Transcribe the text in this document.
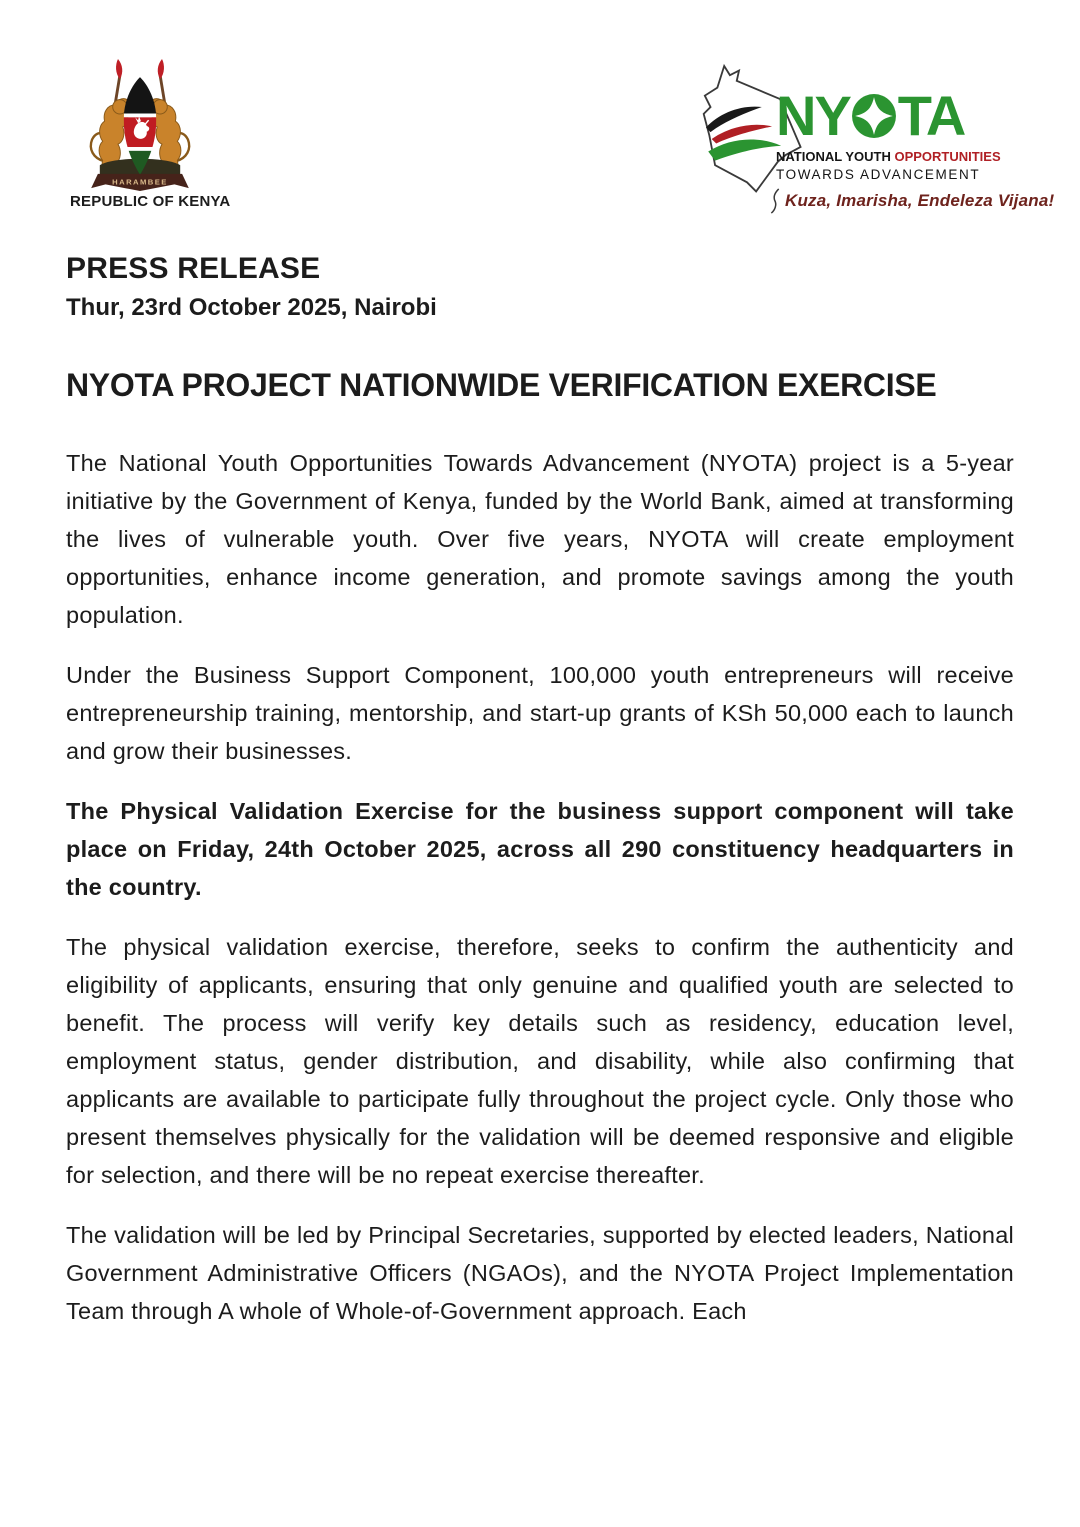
HARAMBEE
REPUBLIC OF KENYA
NY TA
NATIONAL YOUTH OPPORTUNITIES
TOWARDS ADVANCEMENT
Kuza, Imarisha, Endeleza Vijana!
PRESS RELEASE
Thur, 23rd October 2025, Nairobi
NYOTA PROJECT NATIONWIDE VERIFICATION EXERCISE

The National Youth Opportunities Towards Advancement (NYOTA) project is a 5-year initiative by the Government of Kenya, funded by the World Bank, aimed at transforming the lives of vulnerable youth. Over five years, NYOTA will create employment opportunities, enhance income generation, and promote savings among the youth population.

Under the Business Support Component, 100,000 youth entrepreneurs will receive entrepreneurship training, mentorship, and start-up grants of KSh 50,000 each to launch and grow their businesses.

The Physical Validation Exercise for the business support component will take place on Friday, 24th October 2025, across all 290 constituency headquarters in the country.

The physical validation exercise, therefore, seeks to confirm the authenticity and eligibility of applicants, ensuring that only genuine and qualified youth are selected to benefit. The process will verify key details such as residency, education level, employment status, gender distribution, and disability, while also confirming that applicants are available to participate fully throughout the project cycle. Only those who present themselves physically for the validation will be deemed responsive and eligible for selection, and there will be no repeat exercise thereafter.

The validation will be led by Principal Secretaries, supported by elected leaders, National Government Administrative Officers (NGAOs), and the NYOTA Project Implementation Team through A whole of Whole-of-Government approach. Each
